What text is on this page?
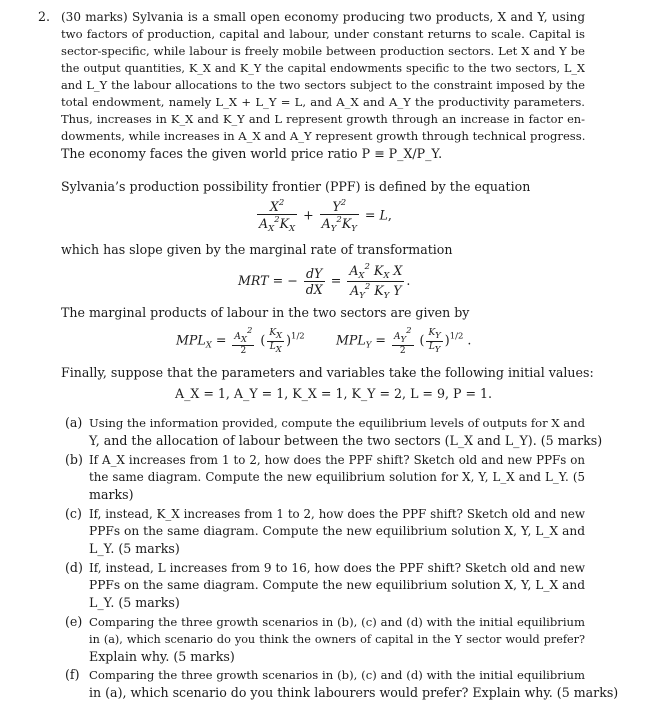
2. (30 marks) Sylvania is a small open economy producing two products, X and Y, using
two factors of production, capital and labour, under constant returns to scale. Capital is
sector-specific, while labour is freely mobile between production sectors. Let X and Y be
the output quantities, K_X and K_Y the capital endowments specific to the two sectors, L_X
and L_Y the labour allocations to the two sectors subject to the constraint imposed by the
total endowment, namely L_X + L_Y = L, and A_X and A_Y the productivity parameters.
Thus, increases in K_X and K_Y and L represent growth through an increase in factor en-
dowments, while increases in A_X and A_Y represent growth through technical progress.
The economy faces the given world price ratio P ≡ P_X/P_Y.
Sylvania’s production possibility frontier (PPF) is defined by the equation
$\frac{X^2}{A_X^2K_X} + \frac{Y^2}{A_Y^2K_Y} = L$,
which has slope given by the marginal rate of transformation
MRT = − $\frac{dY}{dX} = \frac{A_X^2 K_X X}{A_Y^2 K_Y Y}$ .
The marginal products of labour in the two sectors are given by
$MPL_X = \frac{AX2}{2}$ ( $\frac{KX}{LX} )^{1/2}$ $MPL_Y = \frac{AY2}{2}$ ( $\frac{KY}{LY} )^{1/2}$ .
Finally, suppose that the parameters and variables take the following initial values:
A_X = 1, A_Y = 1, K_X = 1, K_Y = 2, L = 9, P = 1.
(a) Using the information provided, compute the equilibrium levels of outputs for X and
Y, and the allocation of labour between the two sectors (L_X and L_Y). (5 marks)
(b) If A_X increases from 1 to 2, how does the PPF shift? Sketch old and new PPFs on
the same diagram. Compute the new equilibrium solution for X, Y, L_X and L_Y. (5
marks)
(c) If, instead, K_X increases from 1 to 2, how does the PPF shift? Sketch old and new
PPFs on the same diagram. Compute the new equilibrium solution X, Y, L_X and
L_Y. (5 marks)
(d) If, instead, L increases from 9 to 16, how does the PPF shift? Sketch old and new
PPFs on the same diagram. Compute the new equilibrium solution X, Y, L_X and
L_Y. (5 marks)
(e) Comparing the three growth scenarios in (b), (c) and (d) with the initial equilibrium
in (a), which scenario do you think the owners of capital in the Y sector would prefer?
Explain why. (5 marks)
(f) Comparing the three growth scenarios in (b), (c) and (d) with the initial equilibrium
in (a), which scenario do you think labourers would prefer? Explain why. (5 marks)
